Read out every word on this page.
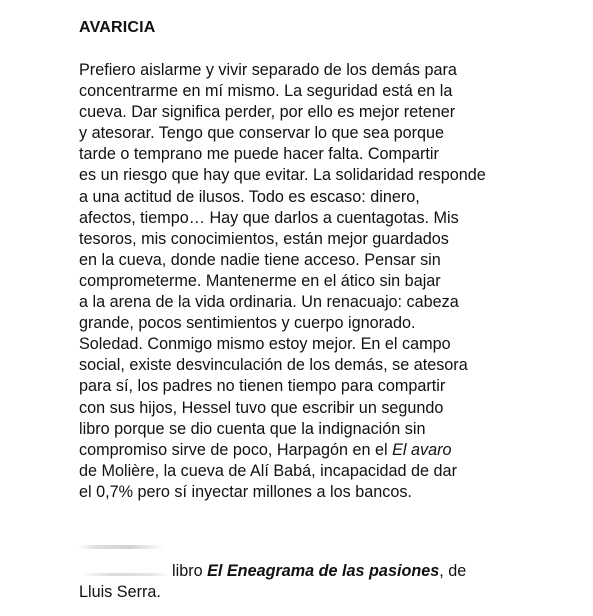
AVARICIA
Prefiero aislarme y vivir separado de los demás para
concentrarme en mí mismo. La seguridad está en la
cueva. Dar significa perder, por ello es mejor retener
y atesorar. Tengo que conservar lo que sea porque
tarde o temprano me puede hacer falta. Compartir
es un riesgo que hay que evitar. La solidaridad responde
a una actitud de ilusos. Todo es escaso: dinero,
afectos, tiempo… Hay que darlos a cuentagotas. Mis
tesoros, mis conocimientos, están mejor guardados
en la cueva, donde nadie tiene acceso. Pensar sin
comprometerme. Mantenerme en el ático sin bajar
a la arena de la vida ordinaria. Un renacuajo: cabeza
grande, pocos sentimientos y cuerpo ignorado.
Soledad. Conmigo mismo estoy mejor. En el campo
social, existe desvinculación de los demás, se atesora
para sí, los padres no tienen tiempo para compartir
con sus hijos, Hessel tuvo que escribir un segundo
libro porque se dio cuenta que la indignación sin
compromiso sirve de poco, Harpagón en el El avaro
de Molière, la cueva de Alí Babá, incapacidad de dar
el 0,7% pero sí inyectar millones a los bancos.
libro El Eneagrama de las pasiones, de
Lluis Serra.
